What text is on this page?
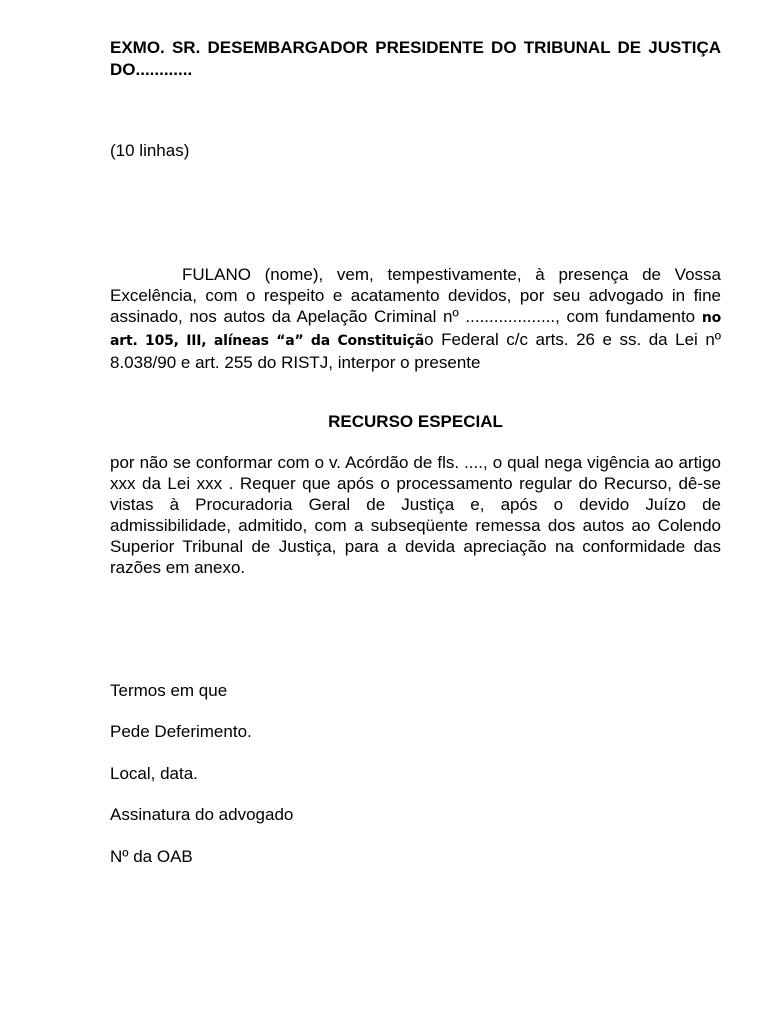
EXMO. SR. DESEMBARGADOR PRESIDENTE DO TRIBUNAL DE JUSTIÇA DO............
(10 linhas)
FULANO (nome), vem, tempestivamente, à presença de Vossa Excelência, com o respeito e acatamento devidos, por seu advogado in fine assinado, nos autos da Apelação Criminal nº ..................., com fundamento no art. 105, III, alíneas “a” da Constituição Federal c/c arts. 26 e ss. da Lei nº 8.038/90 e art. 255 do RISTJ, interpor o presente
RECURSO ESPECIAL
por não se conformar com o v. Acórdão de fls. ...., o qual nega vigência ao artigo xxx da Lei xxx . Requer que após o processamento regular do Recurso, dê-se vistas à Procuradoria Geral de Justiça e, após o devido Juízo de admissibilidade, admitido, com a subseqüente remessa dos autos ao Colendo Superior Tribunal de Justiça, para a devida apreciação na conformidade das razões em anexo.
Termos em que
Pede Deferimento.
Local, data.
Assinatura do advogado
Nº da OAB
